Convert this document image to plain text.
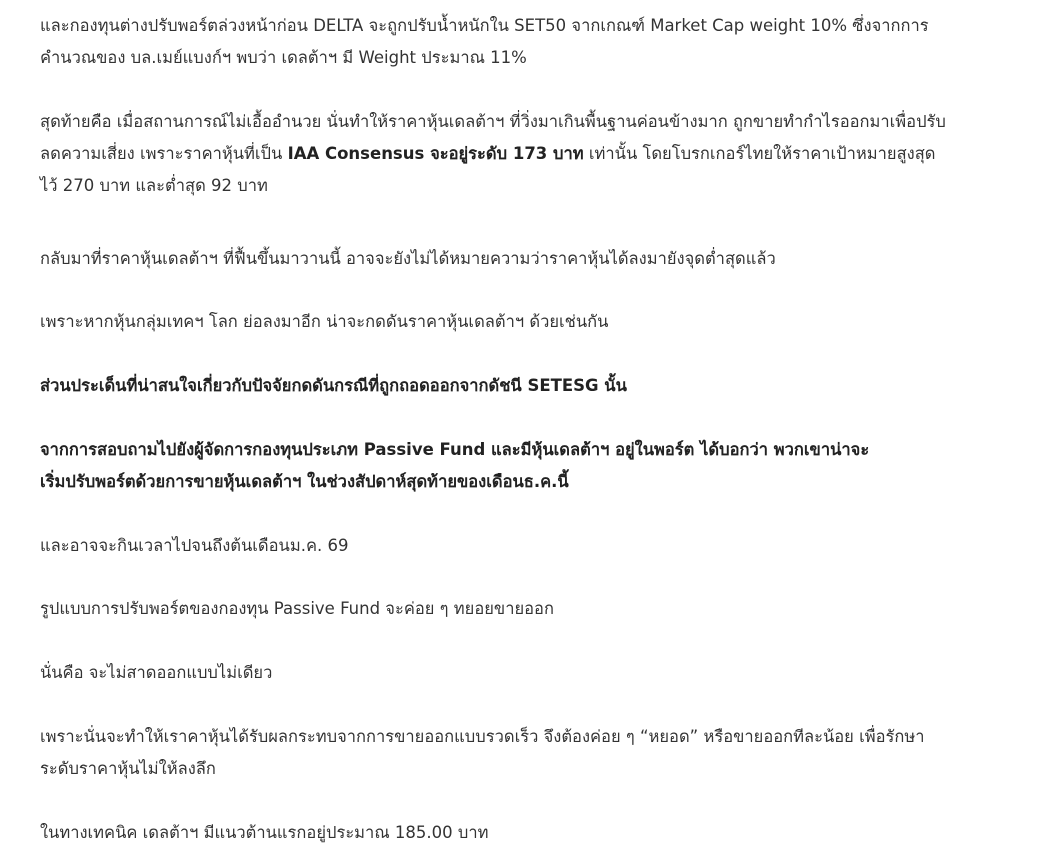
และกองทุนต่างปรับพอร์ตล่วงหน้าก่อน DELTA จะถูกปรับน้ำหนักใน SET50 จากเกณฑ์ Market Cap weight 10% ซึ่งจากการ
คำนวณของ บล.เมย์แบงก์ฯ พบว่า เดลต้าฯ มี Weight ประมาณ 11%

สุดท้ายคือ เมื่อสถานการณ์ไม่เอื้ออำนวย นั่นทำให้ราคาหุ้นเดลต้าฯ ที่วิ่งมาเกินพื้นฐานค่อนข้างมาก ถูกขายทำกำไรออกมาเพื่อปรับ
ลดความเสี่ยง เพราะราคาหุ้นที่เป็น IAA Consensus จะอยู่ระดับ 173 บาท เท่านั้น โดยโบรกเกอร์ไทยให้ราคาเป้าหมายสูงสุด
ไว้ 270 บาท และต่ำสุด 92 บาท

กลับมาที่ราคาหุ้นเดลต้าฯ ที่ฟื้นขึ้นมาวานนี้ อาจจะยังไม่ได้หมายความว่าราคาหุ้นได้ลงมายังจุดต่ำสุดแล้ว

เพราะหากหุ้นกลุ่มเทคฯ โลก ย่อลงมาอีก น่าจะกดดันราคาหุ้นเดลต้าฯ ด้วยเช่นกัน

ส่วนประเด็นที่น่าสนใจเกี่ยวกับปัจจัยกดดันกรณีที่ถูกถอดออกจากดัชนี SETESG นั้น

จากการสอบถามไปยังผู้จัดการกองทุนประเภท Passive Fund และมีหุ้นเดลต้าฯ อยู่ในพอร์ต ได้บอกว่า พวกเขาน่าจะ
เริ่มปรับพอร์ตด้วยการขายหุ้นเดลต้าฯ ในช่วงสัปดาห์สุดท้ายของเดือนธ.ค.นี้

และอาจจะกินเวลาไปจนถึงต้นเดือนม.ค. 69

รูปแบบการปรับพอร์ตของกองทุน Passive Fund จะค่อย ๆ ทยอยขายออก

นั่นคือ จะไม่สาดออกแบบไม่เดียว

เพราะนั่นจะทำให้เราคาหุ้นได้รับผลกระทบจากการขายออกแบบรวดเร็ว จึงต้องค่อย ๆ “หยอด” หรือขายออกทีละน้อย เพื่อรักษา
ระดับราคาหุ้นไม่ให้ลงลึก

ในทางเทคนิค เดลต้าฯ มีแนวต้านแรกอยู่ประมาณ 185.00 บาท
